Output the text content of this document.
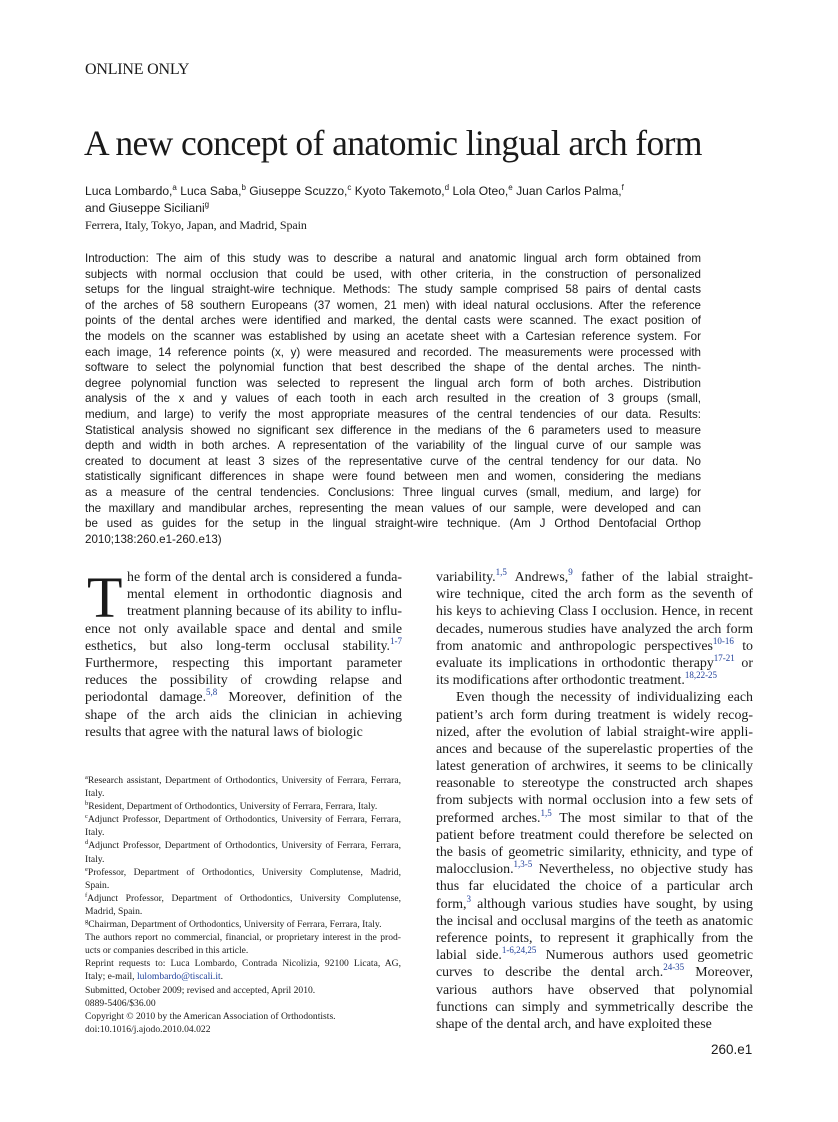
ONLINE ONLY
A new concept of anatomic lingual arch form
Luca Lombardo,$^a$ Luca Saba,$^b$ Giuseppe Scuzzo,$^c$ Kyoto Takemoto,$^d$ Lola Oteo,$^e$ Juan Carlos Palma,$^f$
and Giuseppe Siciliani$^g$
Ferrera, Italy, Tokyo, Japan, and Madrid, Spain
Introduction: The aim of this study was to describe a natural and anatomic lingual arch form obtained from
subjects with normal occlusion that could be used, with other criteria, in the construction of personalized
setups for the lingual straight-wire technique. Methods: The study sample comprised 58 pairs of dental casts
of the arches of 58 southern Europeans (37 women, 21 men) with ideal natural occlusions. After the reference
points of the dental arches were identified and marked, the dental casts were scanned. The exact position of
the models on the scanner was established by using an acetate sheet with a Cartesian reference system. For
each image, 14 reference points (x, y) were measured and recorded. The measurements were processed with
software to select the polynomial function that best described the shape of the dental arches. The ninth-
degree polynomial function was selected to represent the lingual arch form of both arches. Distribution
analysis of the x and y values of each tooth in each arch resulted in the creation of 3 groups (small,
medium, and large) to verify the most appropriate measures of the central tendencies of our data. Results:
Statistical analysis showed no significant sex difference in the medians of the 6 parameters used to measure
depth and width in both arches. A representation of the variability of the lingual curve of our sample was
created to document at least 3 sizes of the representative curve of the central tendency for our data. No
statistically significant differences in shape were found between men and women, considering the medians
as a measure of the central tendencies. Conclusions: Three lingual curves (small, medium, and large) for
the maxillary and mandibular arches, representing the mean values of our sample, were developed and can
be used as guides for the setup in the lingual straight-wire technique. (Am J Orthod Dentofacial Orthop
2010;138:260.e1-260.e13)
T he form of the dental arch is considered a funda-
mental element in orthodontic diagnosis and
treatment planning because of its ability to influ-
ence not only available space and dental and smile
esthetics, but also long-term occlusal stability.$^{1-7}$
Furthermore, respecting this important parameter
reduces the possibility of crowding relapse and
periodontal damage.$^{5,8}$ Moreover, definition of the
shape of the arch aids the clinician in achieving
results that agree with the natural laws of biologic
variability.$^{1,5}$ Andrews,$^9$ father of the labial straight-
wire technique, cited the arch form as the seventh of
his keys to achieving Class I occlusion. Hence, in recent
decades, numerous studies have analyzed the arch form
from anatomic and anthropologic perspectives$^{10-16}$ to
evaluate its implications in orthodontic therapy$^{17-21}$ or
its modifications after orthodontic treatment.$^{18,22-25}$
Even though the necessity of individualizing each
patient’s arch form during treatment is widely recog-
nized, after the evolution of labial straight-wire appli-
ances and because of the superelastic properties of the
latest generation of archwires, it seems to be clinically
reasonable to stereotype the constructed arch shapes
from subjects with normal occlusion into a few sets of
preformed arches.$^{1,5}$ The most similar to that of the
patient before treatment could therefore be selected on
the basis of geometric similarity, ethnicity, and type of
malocclusion.$^{1,3-5}$ Nevertheless, no objective study has
thus far elucidated the choice of a particular arch
form,$^3$ although various studies have sought, by using
the incisal and occlusal margins of the teeth as anatomic
reference points, to represent it graphically from the
labial side.$^{1-6,24,25}$ Numerous authors used geometric
curves to describe the dental arch.$^{24-35}$ Moreover,
various authors have observed that polynomial
functions can simply and symmetrically describe the
shape of the dental arch, and have exploited these
$^a$Research assistant, Department of Orthodontics, University of Ferrara, Ferrara,
Italy.
$^b$Resident, Department of Orthodontics, University of Ferrara, Ferrara, Italy.
$^c$Adjunct Professor, Department of Orthodontics, University of Ferrara, Ferrara,
Italy.
$^d$Adjunct Professor, Department of Orthodontics, University of Ferrara, Ferrara,
Italy.
$^e$Professor, Department of Orthodontics, University Complutense, Madrid,
Spain.
$^f$Adjunct Professor, Department of Orthodontics, University Complutense,
Madrid, Spain.
$^g$Chairman, Department of Orthodontics, University of Ferrara, Ferrara, Italy.
The authors report no commercial, financial, or proprietary interest in the prod-
ucts or companies described in this article.
Reprint requests to: Luca Lombardo, Contrada Nicolizia, 92100 Licata, AG,
Italy; e-mail, lulombardo@tiscali.it.
Submitted, October 2009; revised and accepted, April 2010.
0889-5406/$36.00
Copyright © 2010 by the American Association of Orthodontists.
doi:10.1016/j.ajodo.2010.04.022
260.e1
